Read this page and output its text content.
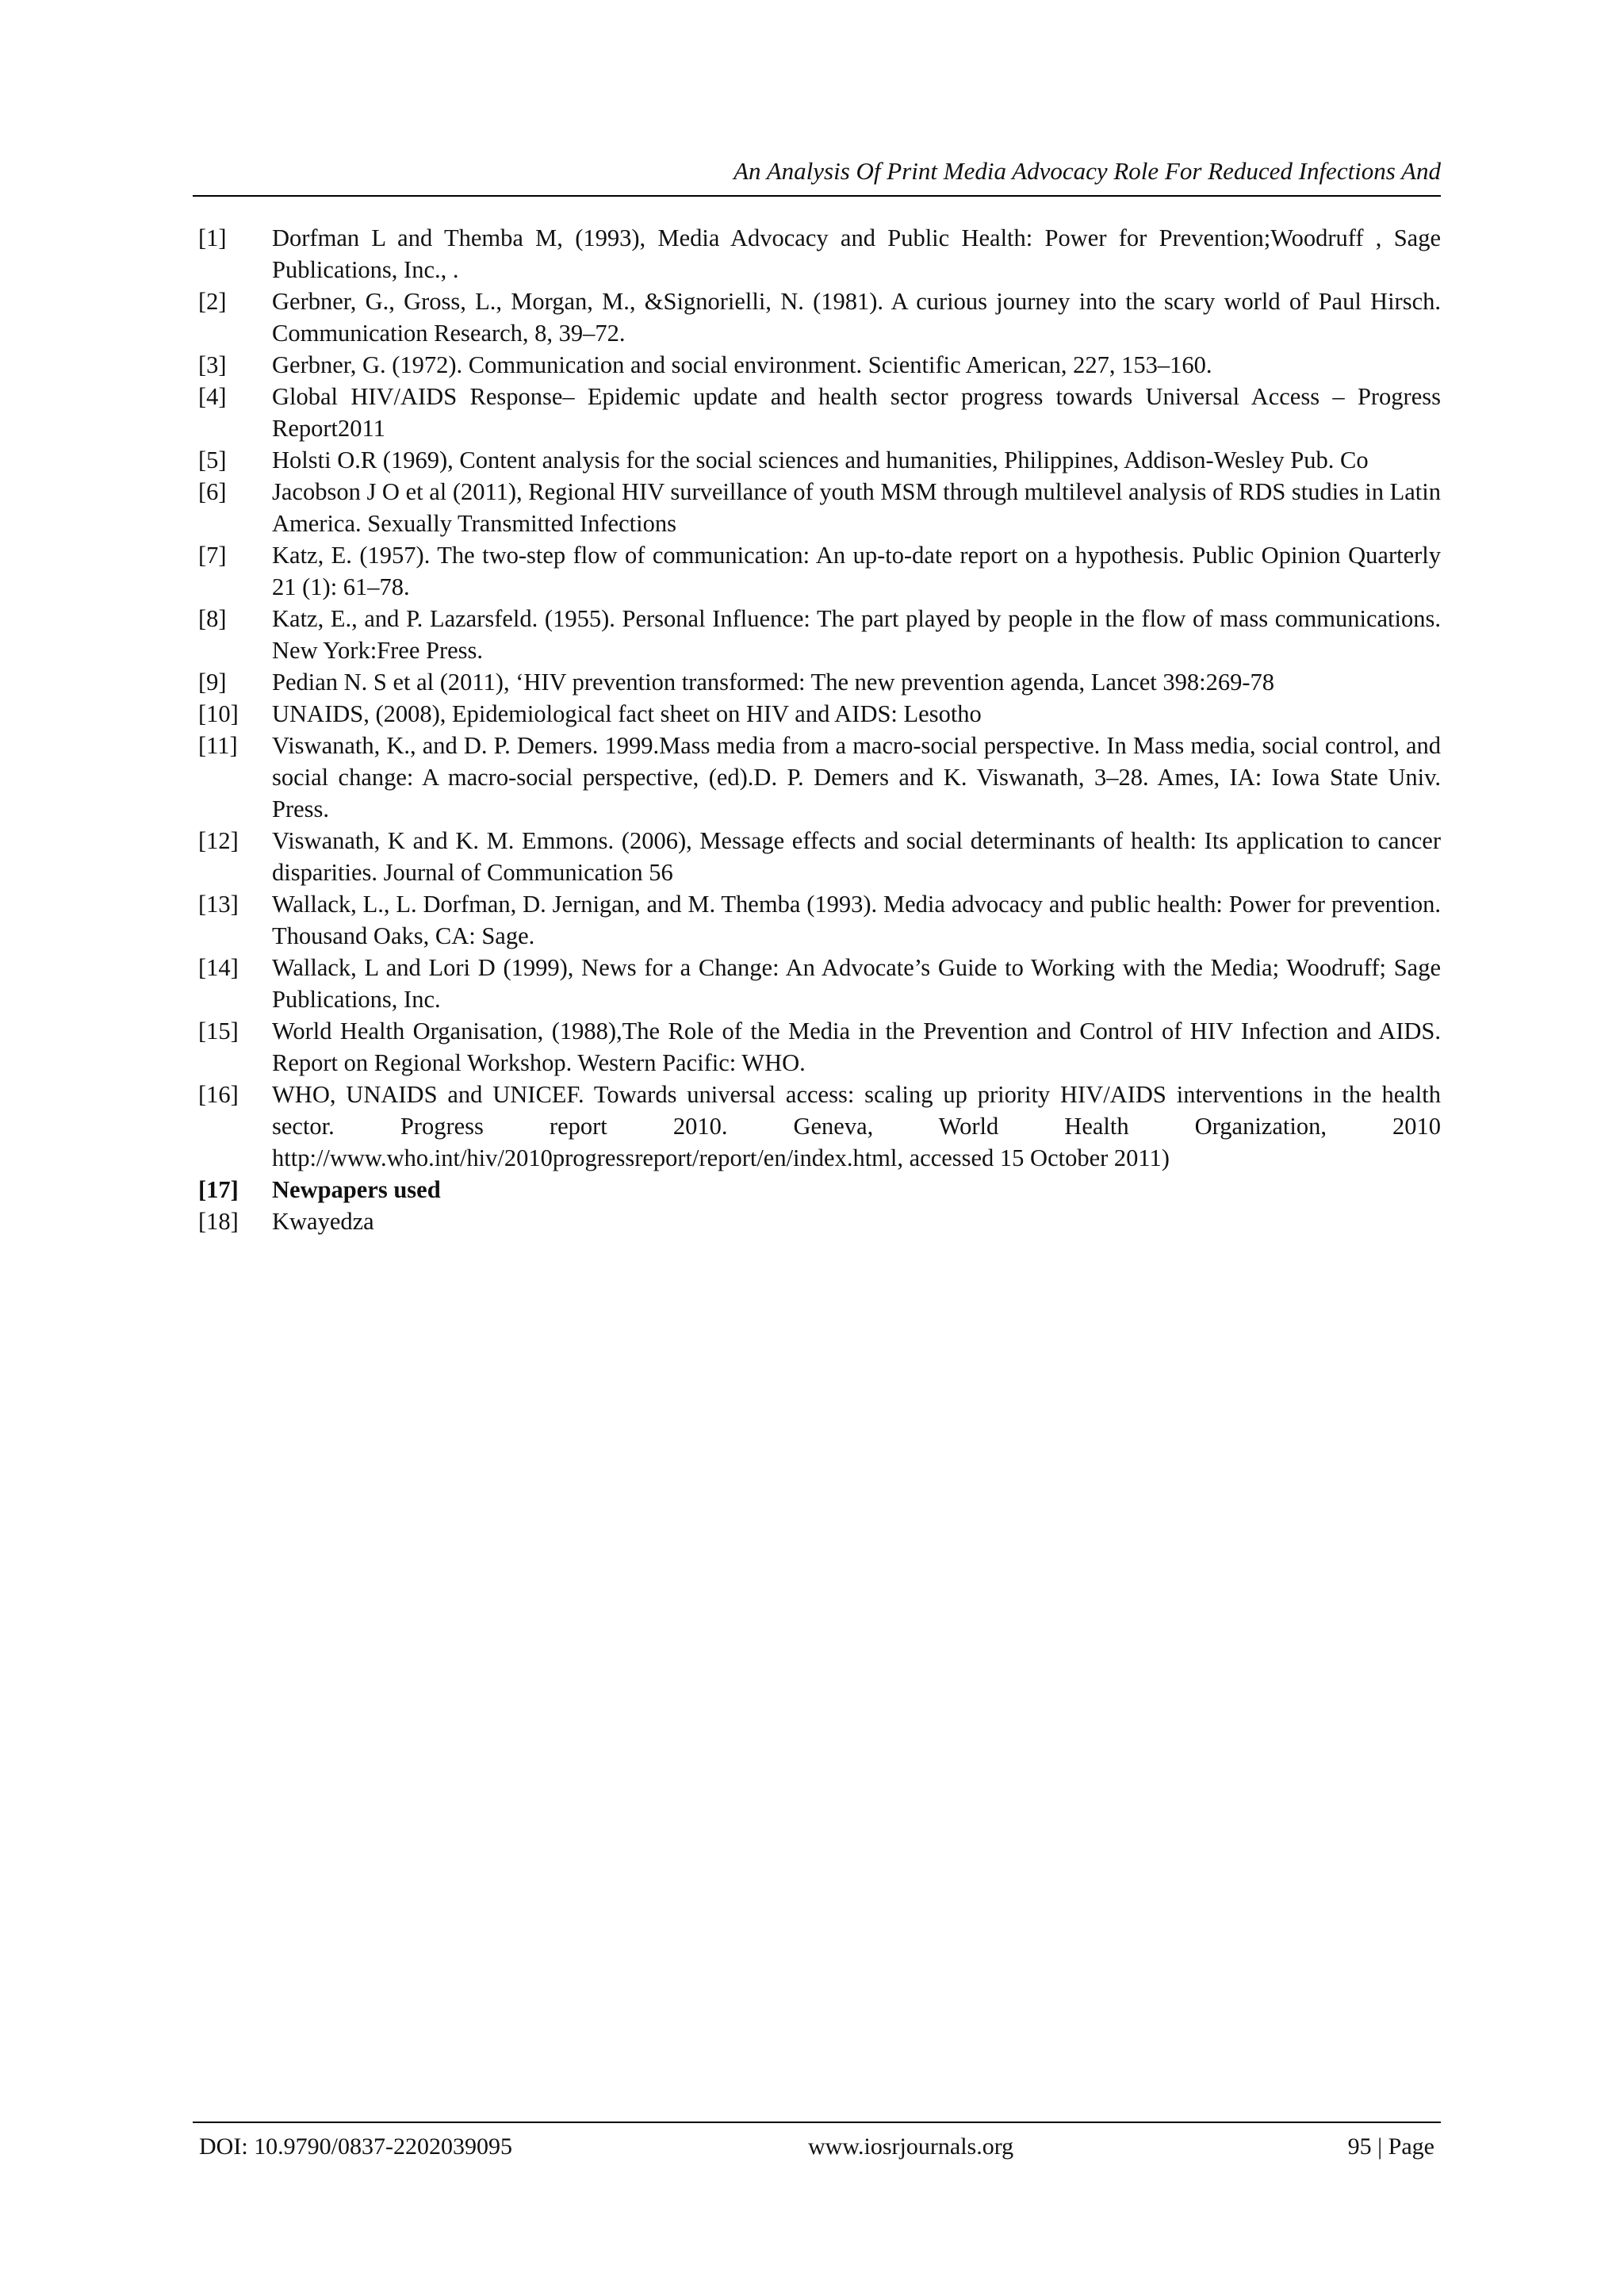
An Analysis Of Print Media Advocacy Role For Reduced Infections And
[1] Dorfman L and Themba M, (1993), Media Advocacy and Public Health: Power for Prevention;Woodruff , Sage Publications, Inc., .
[2] Gerbner, G., Gross, L., Morgan, M., &Signorielli, N. (1981). A curious journey into the scary world of Paul Hirsch. Communication Research, 8, 39–72.
[3] Gerbner, G. (1972). Communication and social environment. Scientific American, 227, 153–160.
[4] Global HIV/AIDS Response– Epidemic update and health sector progress towards Universal Access – Progress Report2011
[5] Holsti O.R (1969), Content analysis for the social sciences and humanities, Philippines, Addison-Wesley Pub. Co
[6] Jacobson J O et al (2011), Regional HIV surveillance of youth MSM through multilevel analysis of RDS studies in Latin America. Sexually Transmitted Infections
[7] Katz, E. (1957). The two-step flow of communication: An up-to-date report on a hypothesis. Public Opinion Quarterly 21 (1): 61–78.
[8] Katz, E., and P. Lazarsfeld. (1955). Personal Influence: The part played by people in the flow of mass communications. New York:Free Press.
[9] Pedian N. S et al (2011), ‘HIV prevention transformed: The new prevention agenda, Lancet 398:269-78
[10] UNAIDS, (2008), Epidemiological fact sheet on HIV and AIDS: Lesotho
[11] Viswanath, K., and D. P. Demers. 1999.Mass media from a macro-social perspective. In Mass media, social control, and social change: A macro-social perspective, (ed).D. P. Demers and K. Viswanath, 3–28. Ames, IA: Iowa State Univ. Press.
[12] Viswanath, K and K. M. Emmons. (2006), Message effects and social determinants of health: Its application to cancer disparities. Journal of Communication 56
[13] Wallack, L., L. Dorfman, D. Jernigan, and M. Themba (1993). Media advocacy and public health: Power for prevention. Thousand Oaks, CA: Sage.
[14] Wallack, L and Lori D (1999), News for a Change: An Advocate’s Guide to Working with the Media; Woodruff; Sage Publications, Inc.
[15] World Health Organisation, (1988),The Role of the Media in the Prevention and Control of HIV Infection and AIDS. Report on Regional Workshop. Western Pacific: WHO.
[16] WHO, UNAIDS and UNICEF. Towards universal access: scaling up priority HIV/AIDS interventions in the health sector. Progress report 2010. Geneva, World Health Organization, 2010 http://www.who.int/hiv/2010progressreport/report/en/index.html, accessed 15 October 2011)
[17] Newpapers used
[18] Kwayedza
DOI: 10.9790/0837-2202039095	www.iosrjournals.org	95 | Page
